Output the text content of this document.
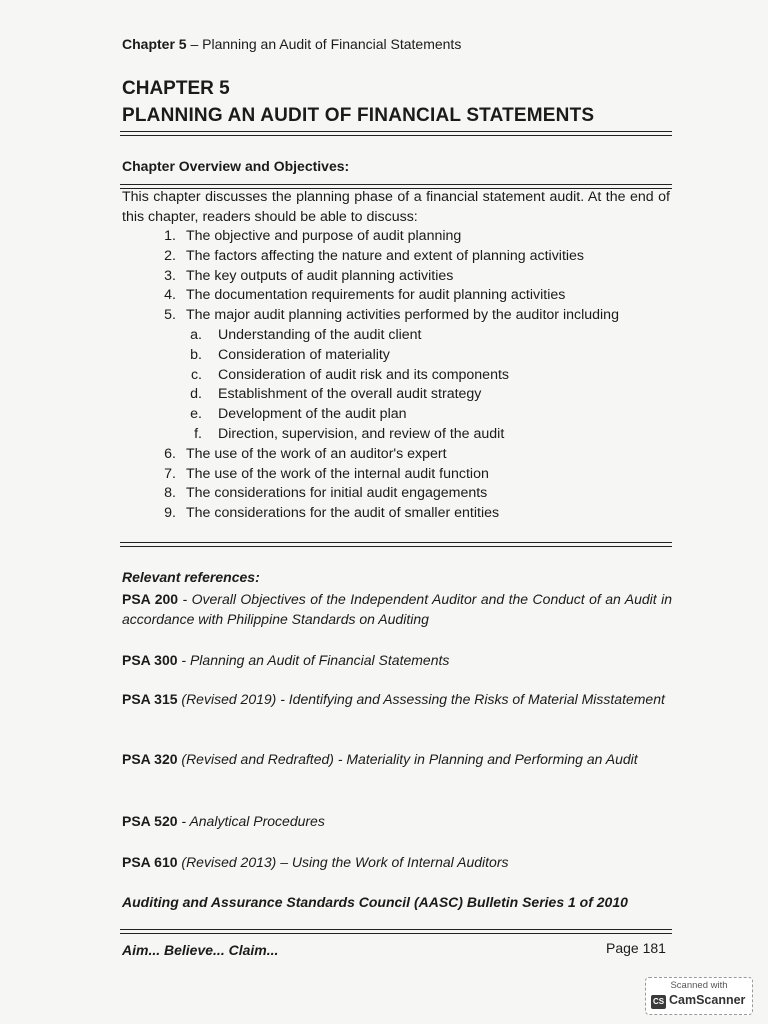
Chapter 5 – Planning an Audit of Financial Statements
CHAPTER 5
PLANNING AN AUDIT OF FINANCIAL STATEMENTS
Chapter Overview and Objectives:
This chapter discusses the planning phase of a financial statement audit. At the end of this chapter, readers should be able to discuss:
1. The objective and purpose of audit planning
2. The factors affecting the nature and extent of planning activities
3. The key outputs of audit planning activities
4. The documentation requirements for audit planning activities
5. The major audit planning activities performed by the auditor including
a.	Understanding of the audit client
b.	Consideration of materiality
c.	Consideration of audit risk and its components
d.	Establishment of the overall audit strategy
e.	Development of the audit plan
f.	Direction, supervision, and review of the audit
6. The use of the work of an auditor's expert
7. The use of the work of the internal audit function
8. The considerations for initial audit engagements
9. The considerations for the audit of smaller entities
Relevant references:
PSA 200 - Overall Objectives of the Independent Auditor and the Conduct of an Audit in accordance with Philippine Standards on Auditing
PSA 300 - Planning an Audit of Financial Statements
PSA 315 (Revised 2019) - Identifying and Assessing the Risks of Material Misstatement
PSA 320 (Revised and Redrafted) - Materiality in Planning and Performing an Audit
PSA 520 - Analytical Procedures
PSA 610 (Revised 2013) – Using the Work of Internal Auditors
Auditing and Assurance Standards Council (AASC) Bulletin Series 1 of 2010
Aim... Believe... Claim...	Page 181
Scanned with
CS CamScanner
